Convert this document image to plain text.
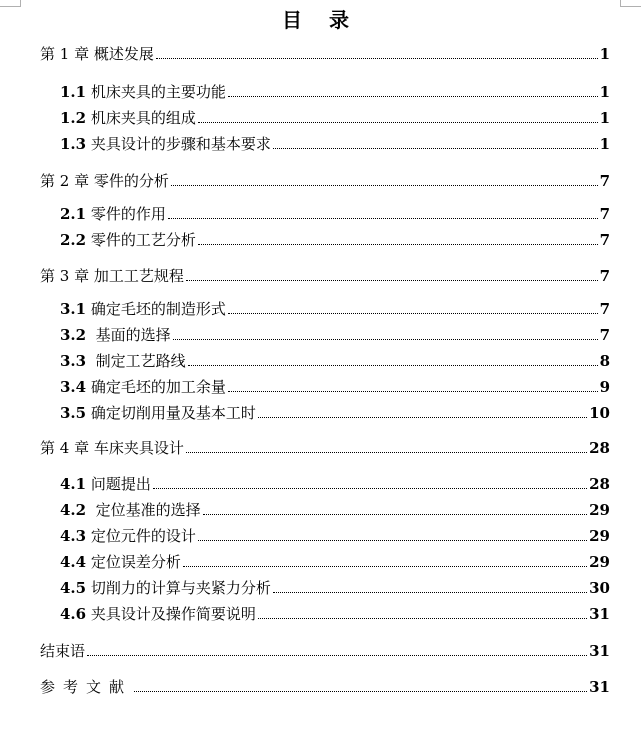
目 录
第 1 章 概述发展	1
1.1 机床夹具的主要功能	1
1.2 机床夹具的组成	1
1.3 夹具设计的步骤和基本要求	1
第 2 章 零件的分析	7
2.1 零件的作用	7
2.2 零件的工艺分析	7
第 3 章 加工工艺规程	7
3.1 确定毛坯的制造形式	7
3.2 基面的选择	7
3.3 制定工艺路线	8
3.4 确定毛坯的加工余量	9
3.5 确定切削用量及基本工时	10
第 4 章 车床夹具设计	28
4.1 问题提出	28
4.2 定位基准的选择	29
4.3 定位元件的设计	29
4.4 定位误差分析	29
4.5 切削力的计算与夹紧力分析	30
4.6 夹具设计及操作简要说明	31
结束语	31
参考文献	31
